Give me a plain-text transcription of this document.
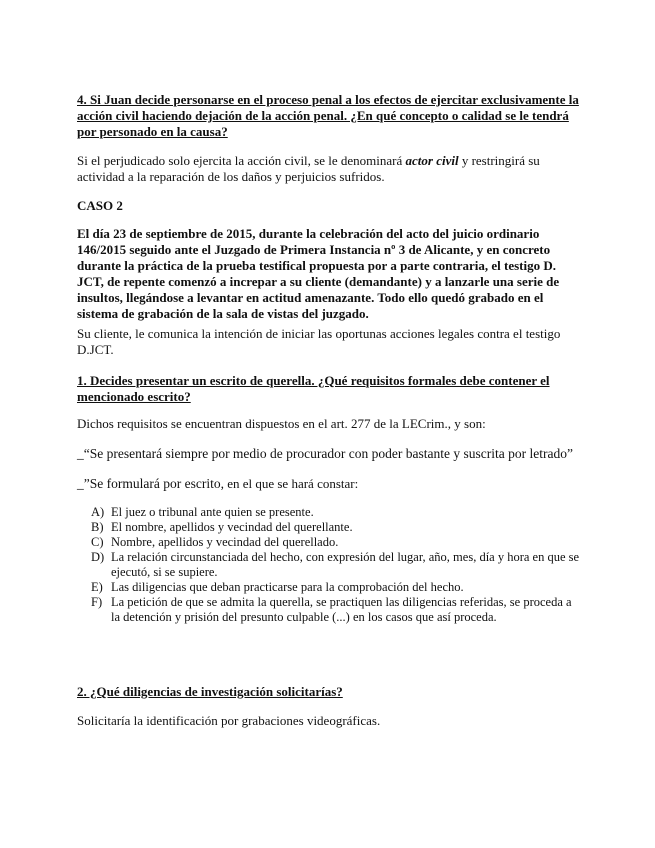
4. Si Juan decide personarse en el proceso penal a los efectos de ejercitar exclusivamente la acción civil haciendo dejación de la acción penal. ¿En qué concepto o calidad se le tendrá por personado en la causa?
Si el perjudicado solo ejercita la acción civil, se le denominará actor civil y restringirá su actividad a la reparación de los daños y perjuicios sufridos.
CASO 2
El día 23 de septiembre de 2015, durante la celebración del acto del juicio ordinario 146/2015 seguido ante el Juzgado de Primera Instancia nº 3 de Alicante, y en concreto durante la práctica de la prueba testifical propuesta por a parte contraria, el testigo D. JCT, de repente comenzó a increpar a su cliente (demandante) y a lanzarle una serie de insultos, llegándose a levantar en actitud amenazante. Todo ello quedó grabado en el sistema de grabación de la sala de vistas del juzgado.
Su cliente, le comunica la intención de iniciar las oportunas acciones legales contra el testigo D.JCT.
1. Decides presentar un escrito de querella. ¿Qué requisitos formales debe contener el mencionado escrito?
Dichos requisitos se encuentran dispuestos en el art. 277 de la LECrim., y son:
_“Se presentará siempre por medio de procurador con poder bastante y suscrita por letrado”
_”Se formulará por escrito, en el que se hará constar:
A) El juez o tribunal ante quien se presente.
B) El nombre, apellidos y vecindad del querellante.
C) Nombre, apellidos y vecindad del querellado.
D) La relación circunstanciada del hecho, con expresión del lugar, año, mes, día y hora en que se ejecutó, si se supiere.
E) Las diligencias que deban practicarse para la comprobación del hecho.
F) La petición de que se admita la querella, se practiquen las diligencias referidas, se proceda a la detención y prisión del presunto culpable (...) en los casos que así proceda.
2. ¿Qué diligencias de investigación solicitarías?
Solicitaría la identificación por grabaciones videográficas.
